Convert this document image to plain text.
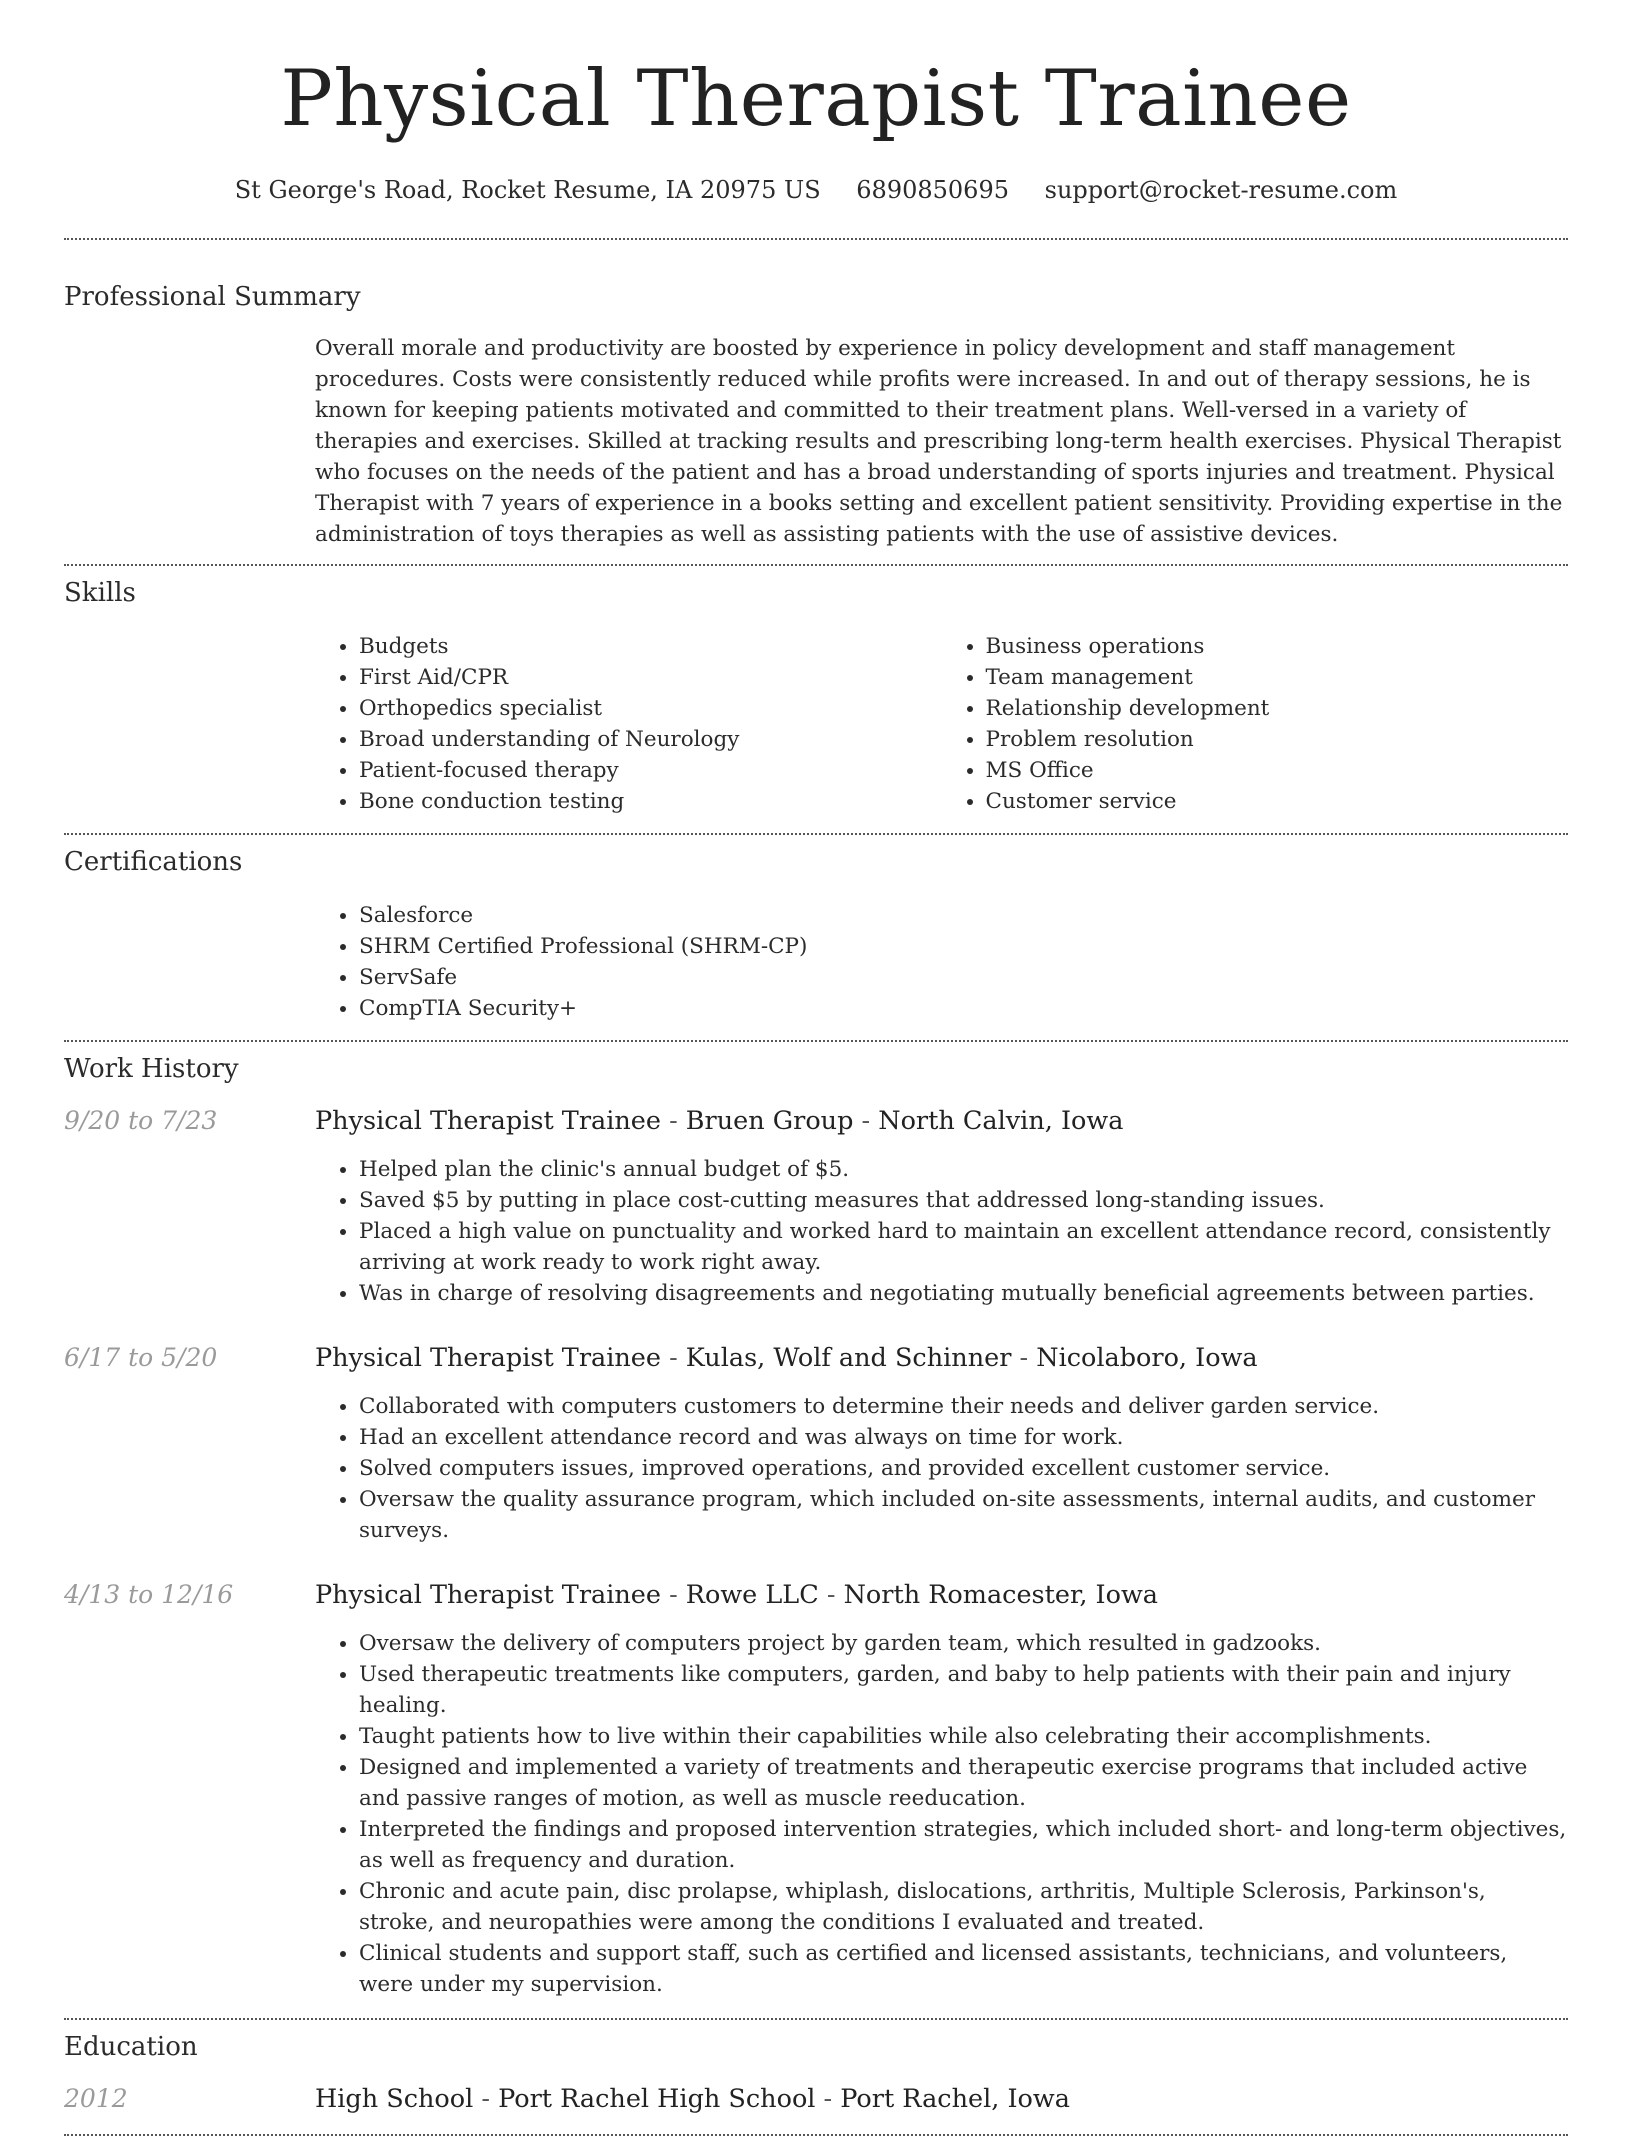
Physical Therapist Trainee
St George's Road, Rocket Resume, IA 20975 US 6890850695 support@rocket-resume.com
Professional Summary

Overall morale and productivity are boosted by experience in policy development and staff management procedures. Costs were consistently reduced while profits were increased. In and out of therapy sessions, he is known for keeping patients motivated and committed to their treatment plans. Well-versed in a variety of therapies and exercises. Skilled at tracking results and prescribing long-term health exercises. Physical Therapist who focuses on the needs of the patient and has a broad understanding of sports injuries and treatment. Physical Therapist with 7 years of experience in a books setting and excellent patient sensitivity. Providing expertise in the administration of toys therapies as well as assisting patients with the use of assistive devices.

Skills
• Budgets
• First Aid/CPR
• Orthopedics specialist
• Broad understanding of Neurology
• Patient-focused therapy
• Bone conduction testing
• Business operations
• Team management
• Relationship development
• Problem resolution
• MS Office
• Customer service
Certifications
• Salesforce
• SHRM Certified Professional (SHRM-CP)
• ServSafe
• CompTIA Security+
Work History
9/20 to 7/23	Physical Therapist Trainee - Bruen Group - North Calvin, Iowa
• Helped plan the clinic's annual budget of $5.
• Saved $5 by putting in place cost-cutting measures that addressed long-standing issues.
• Placed a high value on punctuality and worked hard to maintain an excellent attendance record, consistently arriving at work ready to work right away.
• Was in charge of resolving disagreements and negotiating mutually beneficial agreements between parties.
6/17 to 5/20	Physical Therapist Trainee - Kulas, Wolf and Schinner - Nicolaboro, Iowa
• Collaborated with computers customers to determine their needs and deliver garden service.
• Had an excellent attendance record and was always on time for work.
• Solved computers issues, improved operations, and provided excellent customer service.
• Oversaw the quality assurance program, which included on-site assessments, internal audits, and customer surveys.
4/13 to 12/16	Physical Therapist Trainee - Rowe LLC - North Romacester, Iowa
• Oversaw the delivery of computers project by garden team, which resulted in gadzooks.
• Used therapeutic treatments like computers, garden, and baby to help patients with their pain and injury healing.
• Taught patients how to live within their capabilities while also celebrating their accomplishments.
• Designed and implemented a variety of treatments and therapeutic exercise programs that included active and passive ranges of motion, as well as muscle reeducation.
• Interpreted the findings and proposed intervention strategies, which included short- and long-term objectives, as well as frequency and duration.
• Chronic and acute pain, disc prolapse, whiplash, dislocations, arthritis, Multiple Sclerosis, Parkinson's, stroke, and neuropathies were among the conditions I evaluated and treated.
• Clinical students and support staff, such as certified and licensed assistants, technicians, and volunteers, were under my supervision.
Education
2012	High School - Port Rachel High School - Port Rachel, Iowa
